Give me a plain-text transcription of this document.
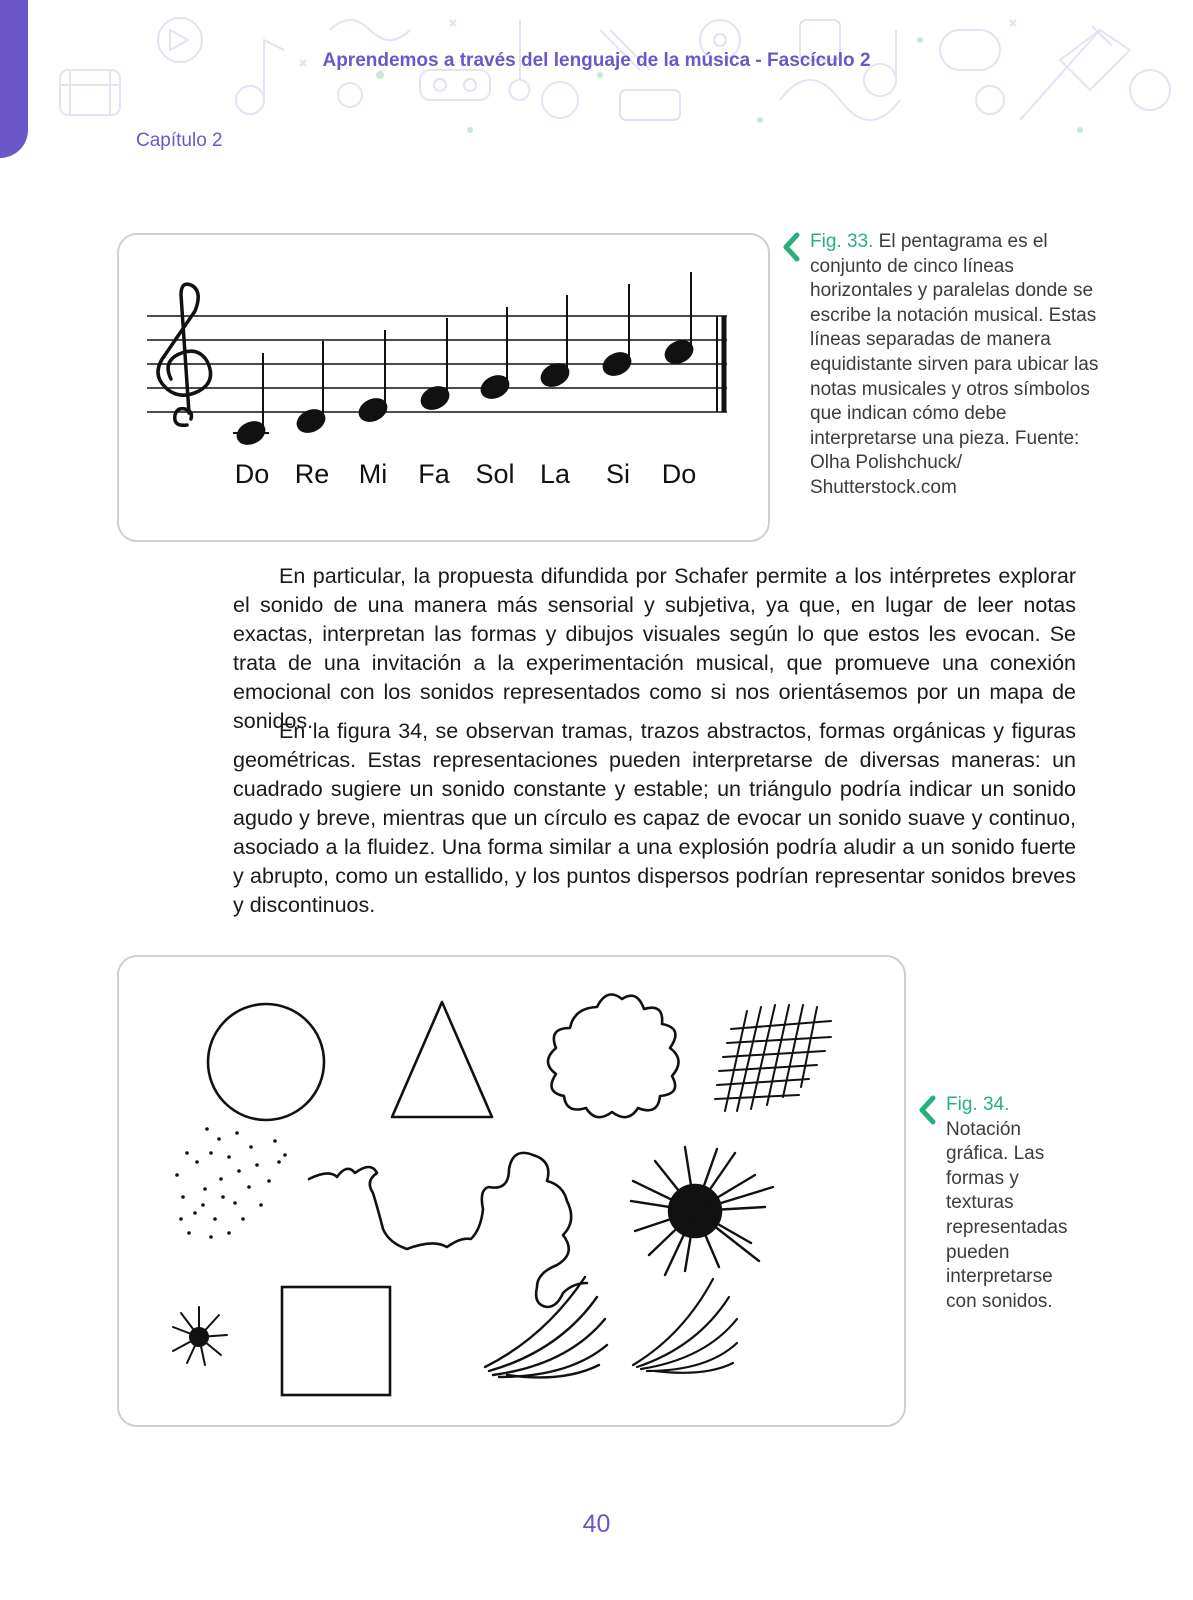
Aprendemos a través del lenguaje de la música - Fascículo 2
Capítulo 2
Do Re Mi Fa Sol La Si Do
Fig. 33. El pentagrama es el conjunto de cinco líneas horizontales y paralelas donde se escribe la notación musical. Estas líneas separadas de manera equidistante sirven para ubicar las notas musicales y otros símbolos que indican cómo debe interpretarse una pieza. Fuente: Olha Polishchuck/ Shutterstock.com

En particular, la propuesta difundida por Schafer permite a los intérpretes explorar el sonido de una manera más sensorial y subjetiva, ya que, en lugar de leer notas exactas, interpretan las formas y dibujos visuales según lo que estos les evocan. Se trata de una invitación a la experimentación musical, que promueve una conexión emocional con los sonidos representados como si nos orientásemos por un mapa de sonidos.

En la figura 34, se observan tramas, trazos abstractos, formas orgánicas y figuras geométricas. Estas representaciones pueden interpretarse de diversas maneras: un cuadrado sugiere un sonido constante y estable; un triángulo podría indicar un sonido agudo y breve, mientras que un círculo es capaz de evocar un sonido suave y continuo, asociado a la fluidez. Una forma similar a una explosión podría aludir a un sonido fuerte y abrupto, como un estallido, y los puntos dispersos podrían representar sonidos breves y discontinuos.

Fig. 34.
Notación gráfica. Las formas y texturas representadas pueden interpretarse con sonidos.
40
